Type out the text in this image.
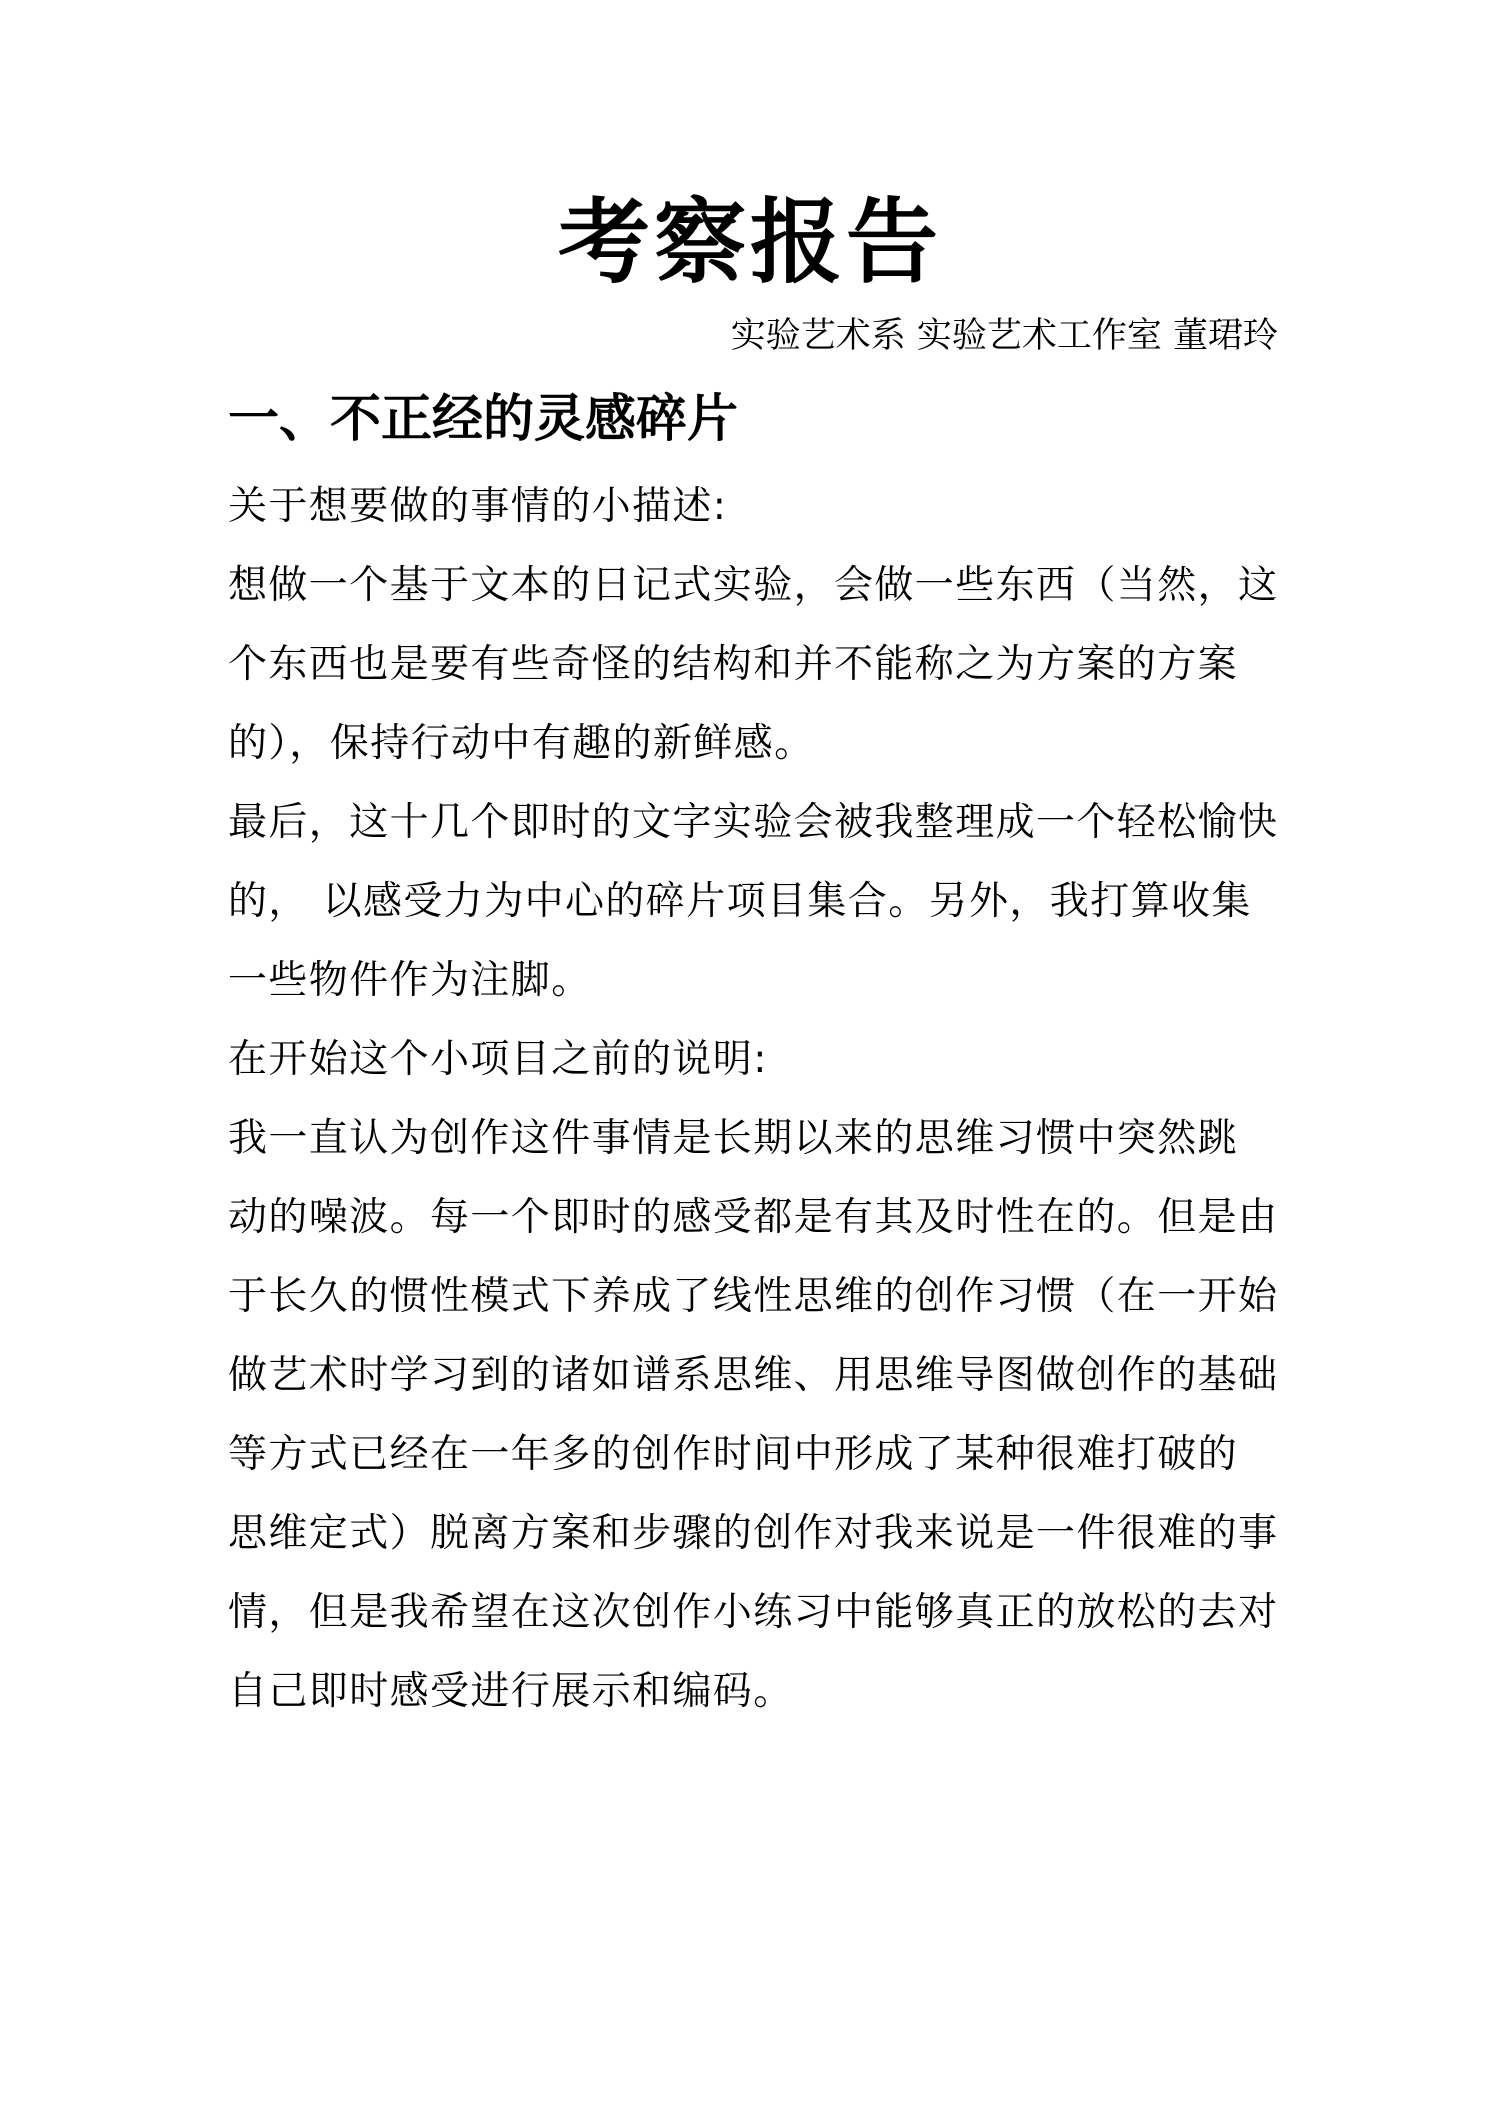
考察报告

实验艺术系 实验艺术工作室 董珺玲

一、不正经的灵感碎片

关于想要做的事情的小描述:

想做一个基于文本的日记式实验，会做一些东西（当然，这

个东西也是要有些奇怪的结构和并不能称之为方案的方案

的），保持行动中有趣的新鲜感。

最后，这十几个即时的文字实验会被我整理成一个轻松愉快

的， 以感受力为中心的碎片项目集合。另外，我打算收集

一些物件作为注脚。

在开始这个小项目之前的说明:

我一直认为创作这件事情是长期以来的思维习惯中突然跳

动的噪波。每一个即时的感受都是有其及时性在的。但是由

于长久的惯性模式下养成了线性思维的创作习惯（在一开始

做艺术时学习到的诸如谱系思维、用思维导图做创作的基础

等方式已经在一年多的创作时间中形成了某种很难打破的

思维定式）脱离方案和步骤的创作对我来说是一件很难的事

情，但是我希望在这次创作小练习中能够真正的放松的去对

自己即时感受进行展示和编码。
